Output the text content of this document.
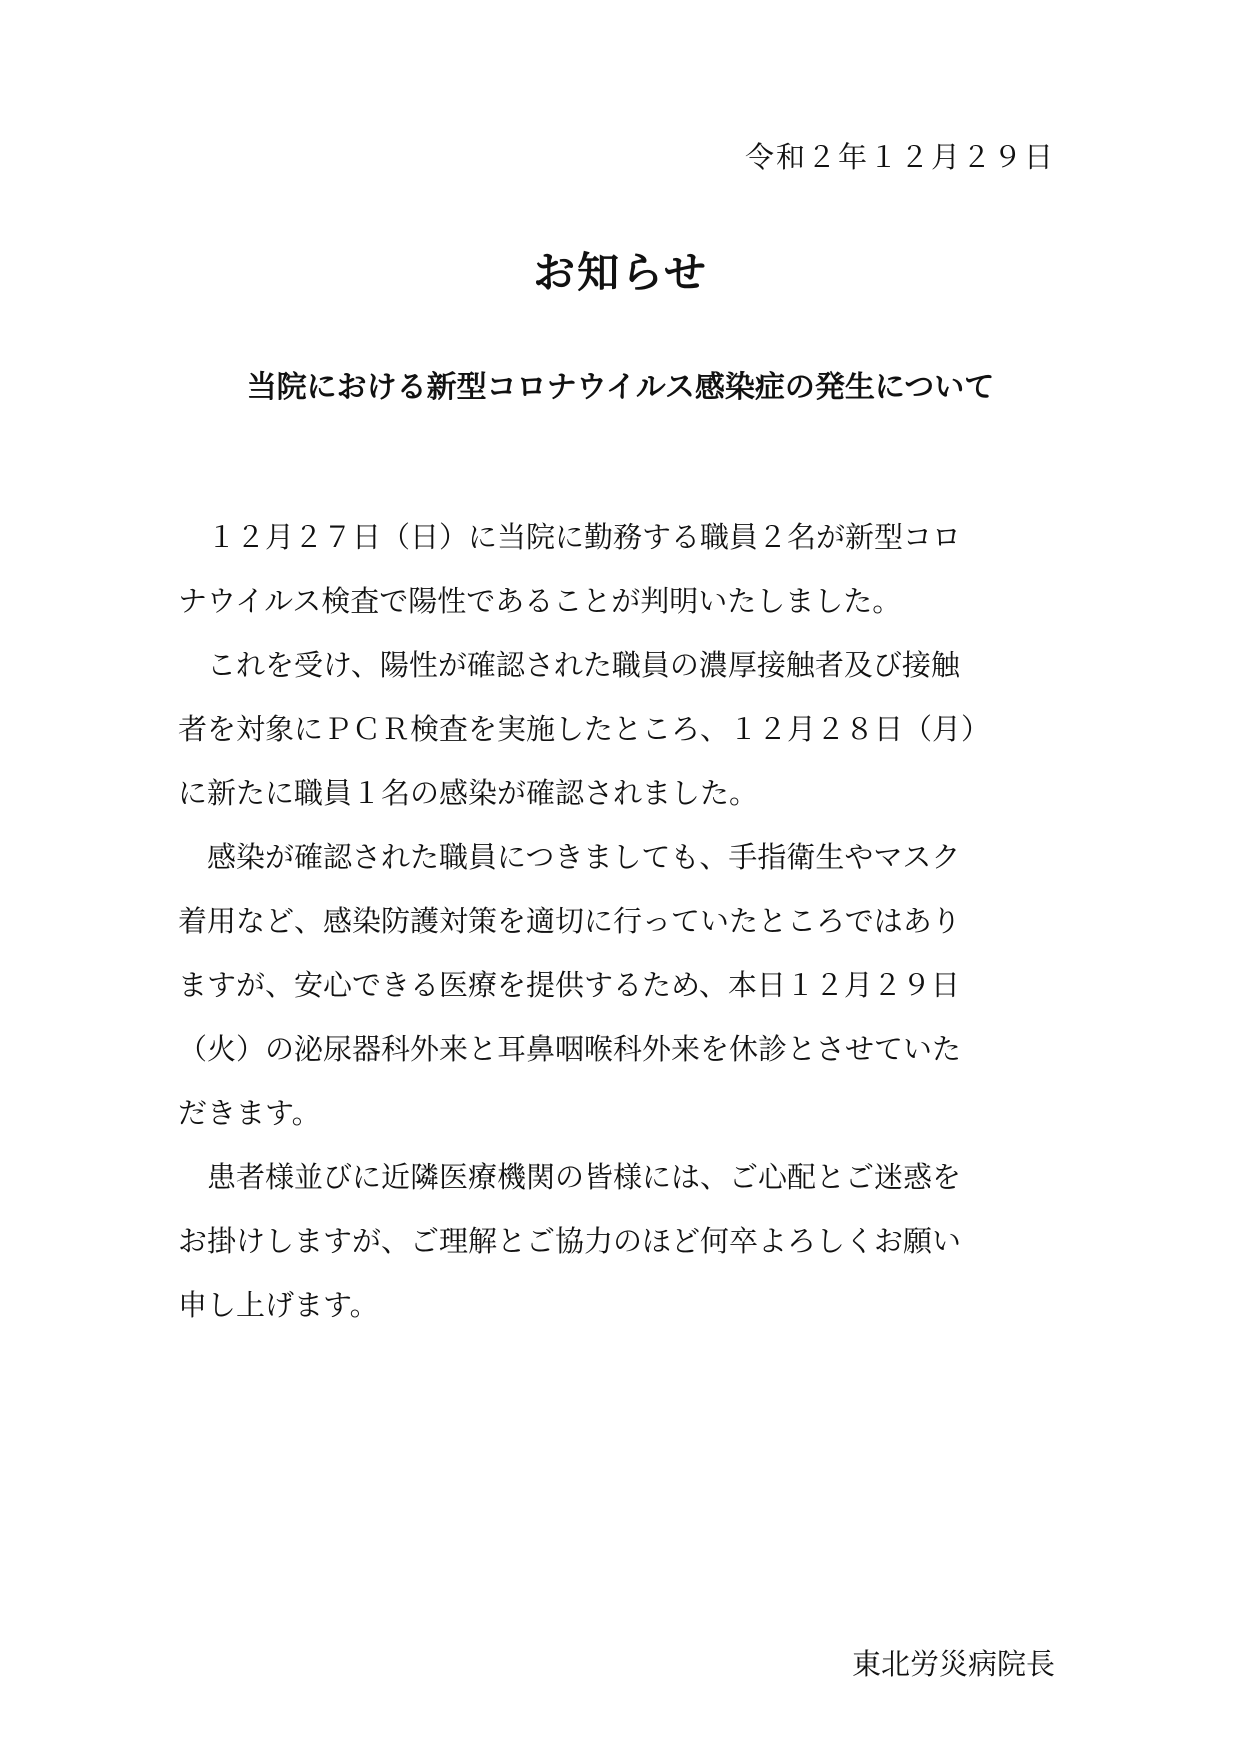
令和２年１２月２９日
お知らせ
当院における新型コロナウイルス感染症の発生について
　１２月２７日（日）に当院に勤務する職員２名が新型コロ
ナウイルス検査で陽性であることが判明いたしました。
　これを受け、陽性が確認された職員の濃厚接触者及び接触
者を対象にＰＣＲ検査を実施したところ、１２月２８日（月）
に新たに職員１名の感染が確認されました。
　感染が確認された職員につきましても、手指衛生やマスク
着用など、感染防護対策を適切に行っていたところではあり
ますが、安心できる医療を提供するため、本日１２月２９日
（火）の泌尿器科外来と耳鼻咽喉科外来を休診とさせていた
だきます。
　患者様並びに近隣医療機関の皆様には、ご心配とご迷惑を
お掛けしますが、ご理解とご協力のほど何卒よろしくお願い
申し上げます。
東北労災病院長
